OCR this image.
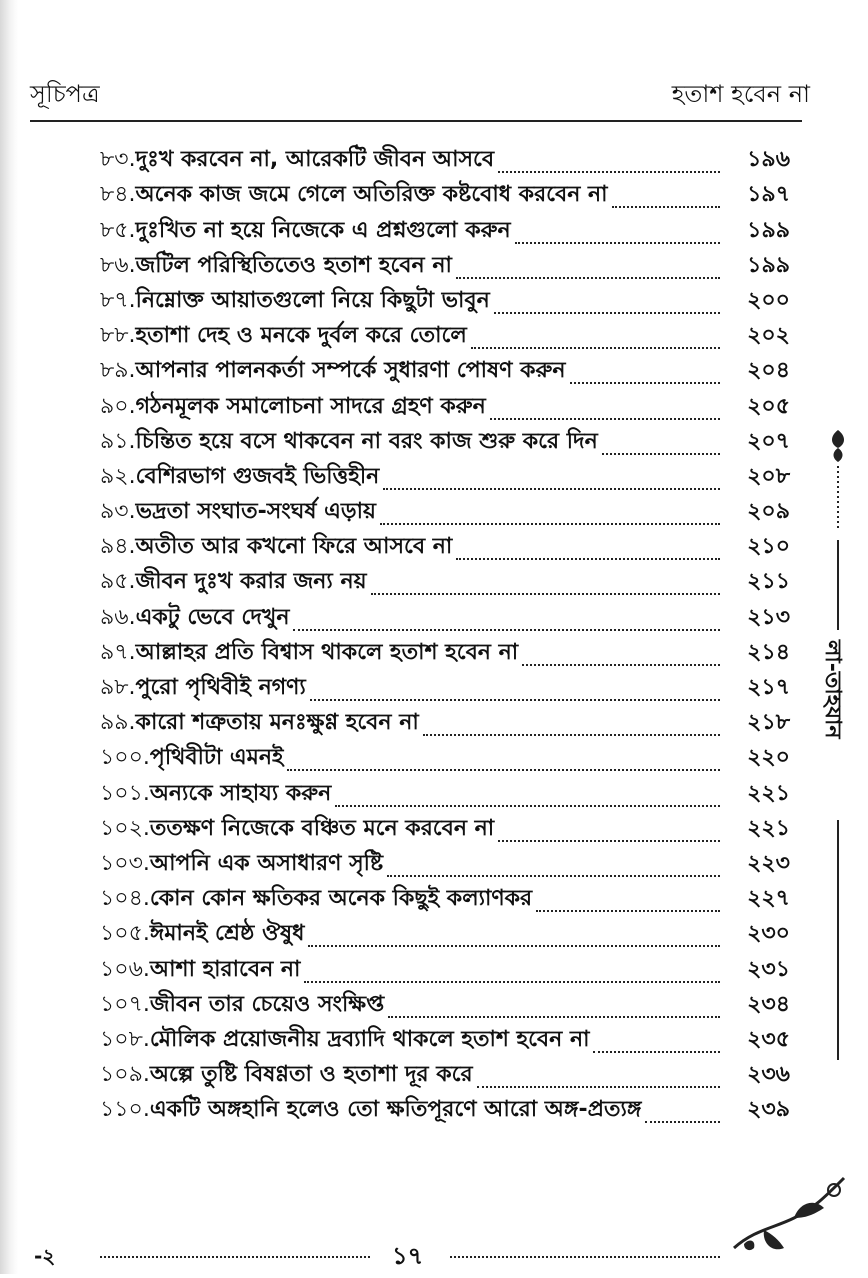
সূচিপত্র	হতাশ হবেন না
৮৩. দুঃখ করবেন না, আরেকটি জীবন আসবে	১৯৬
৮৪. অনেক কাজ জমে গেলে অতিরিক্ত কষ্টবোধ করবেন না	১৯৭
৮৫. দুঃখিত না হয়ে নিজেকে এ প্রশ্নগুলো করুন	১৯৯
৮৬. জটিল পরিস্থিতিতেও হতাশ হবেন না	১৯৯
৮৭. নিম্নোক্ত আয়াতগুলো নিয়ে কিছুটা ভাবুন	২০০
৮৮. হতাশা দেহ ও মনকে দুর্বল করে তোলে	২০২
৮৯. আপনার পালনকর্তা সম্পর্কে সুধারণা পোষণ করুন	২০৪
৯০. গঠনমূলক সমালোচনা সাদরে গ্রহণ করুন	২০৫
৯১. চিন্তিত হয়ে বসে থাকবেন না বরং কাজ শুরু করে দিন	২০৭
৯২. বেশিরভাগ গুজবই ভিত্তিহীন	২০৮
৯৩. ভদ্রতা সংঘাত-সংঘর্ষ এড়ায়	২০৯
৯৪. অতীত আর কখনো ফিরে আসবে না	২১০
৯৫. জীবন দুঃখ করার জন্য নয়	২১১
৯৬. একটু ভেবে দেখুন	২১৩
৯৭. আল্লাহর প্রতি বিশ্বাস থাকলে হতাশ হবেন না	২১৪
৯৮. পুরো পৃথিবীই নগণ্য	২১৭
৯৯. কারো শত্রুতায় মনঃক্ষুণ্ণ হবেন না	২১৮
১০০. পৃথিবীটা এমনই	২২০
১০১. অন্যকে সাহায্য করুন	২২১
১০২. ততক্ষণ নিজেকে বঞ্চিত মনে করবেন না	২২১
১০৩. আপনি এক অসাধারণ সৃষ্টি	২২৩
১০৪. কোন কোন ক্ষতিকর অনেক কিছুই কল্যাণকর	২২৭
১০৫. ঈমানই শ্রেষ্ঠ ঔষুধ	২৩০
১০৬. আশা হারাবেন না	২৩১
১০৭. জীবন তার চেয়েও সংক্ষিপ্ত	২৩৪
১০৮. মৌলিক প্রয়োজনীয় দ্রব্যাদি থাকলে হতাশ হবেন না	২৩৫
১০৯. অল্পে তুষ্টি বিষণ্ণতা ও হতাশা দূর করে	২৩৬
১১০. একটি অঙ্গহানি হলেও তো ক্ষতিপূরণে আরো অঙ্গ-প্রত্যঙ্গ	২৩৯
লা-তাহযান
-২	১৭
